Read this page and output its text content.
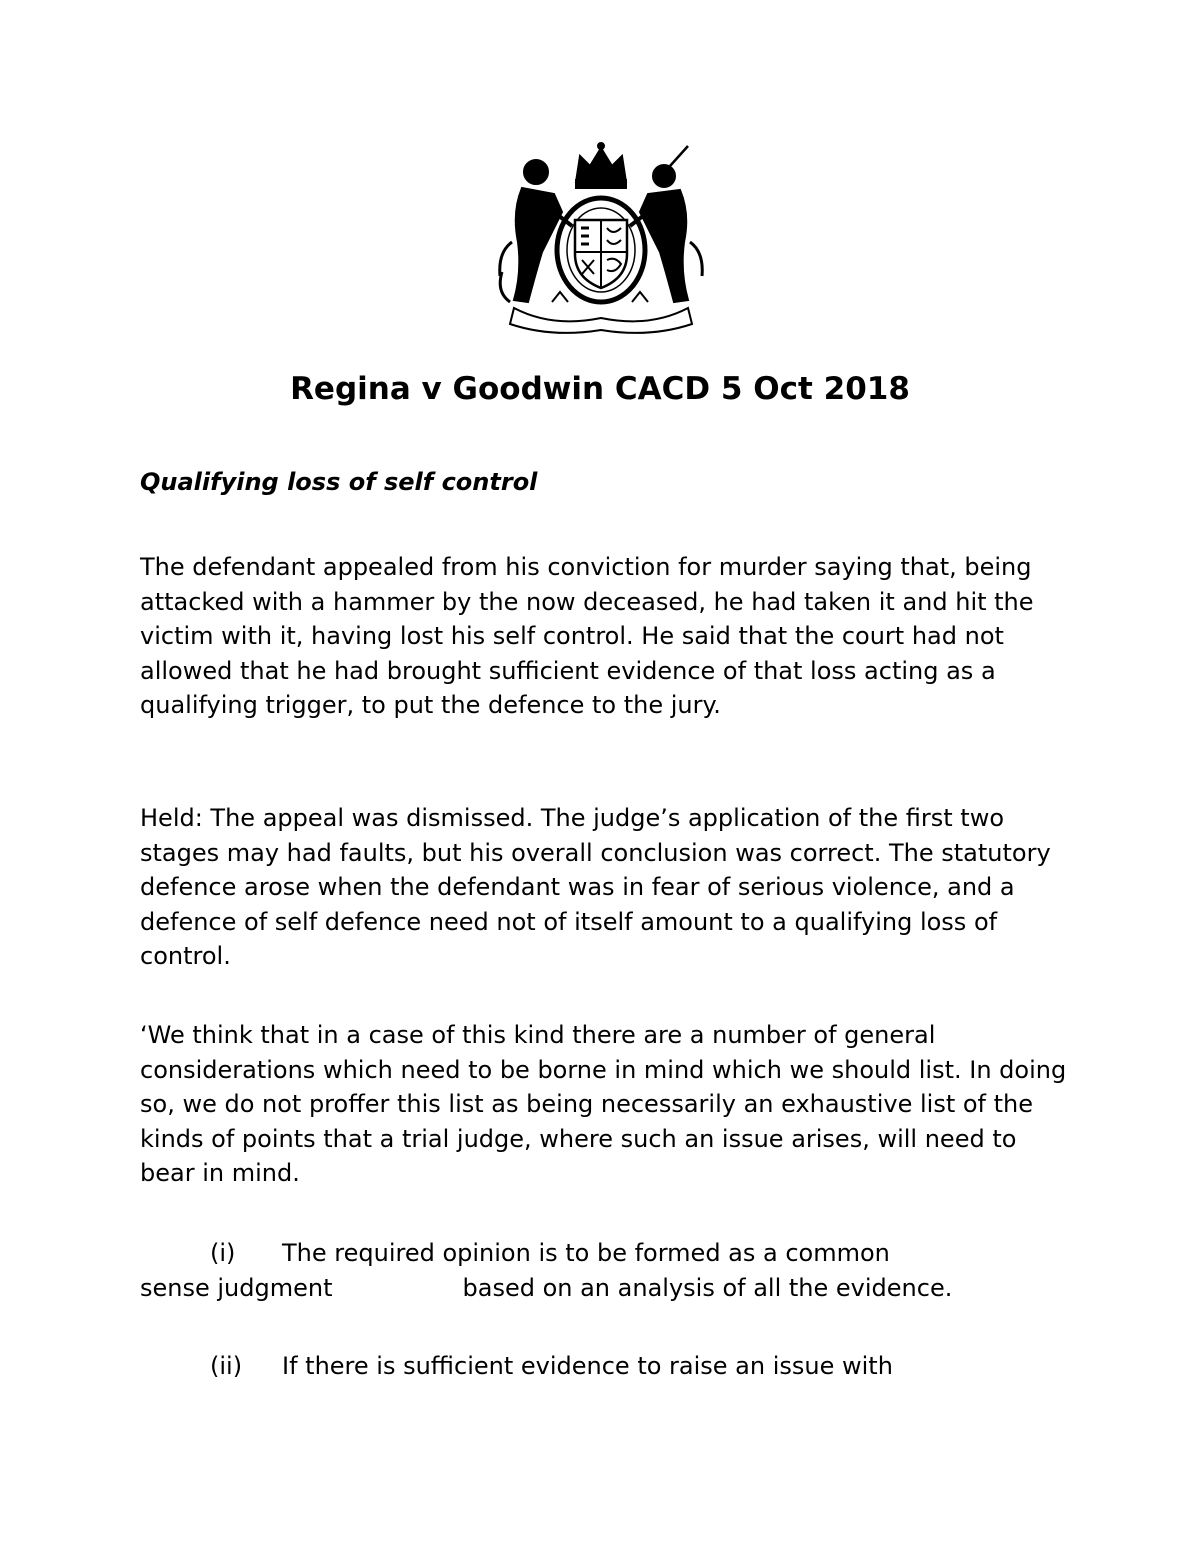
Regina v Goodwin CACD 5 Oct 2018

Qualifying loss of self control

The defendant appealed from his conviction for murder saying that, being attacked with a hammer by the now deceased, he had taken it and hit the victim with it, having lost his self control. He said that the court had not allowed that he had brought sufficient evidence of that loss acting as a qualifying trigger, to put the defence to the jury.

Held: The appeal was dismissed. The judge’s application of the first two stages may had faults, but his overall conclusion was correct. The statutory defence arose when the defendant was in fear of serious violence, and a defence of self defence need not of itself amount to a qualifying loss of control.

‘We think that in a case of this kind there are a number of general considerations which need to be borne in mind which we should list. In doing so, we do not proffer this list as being necessarily an exhaustive list of the kinds of points that a trial judge, where such an issue arises, will need to bear in mind.

(i) The required opinion is to be formed as a common
sense judgment	based on an analysis of all the evidence.
(ii) If there is sufficient evidence to raise an issue with
